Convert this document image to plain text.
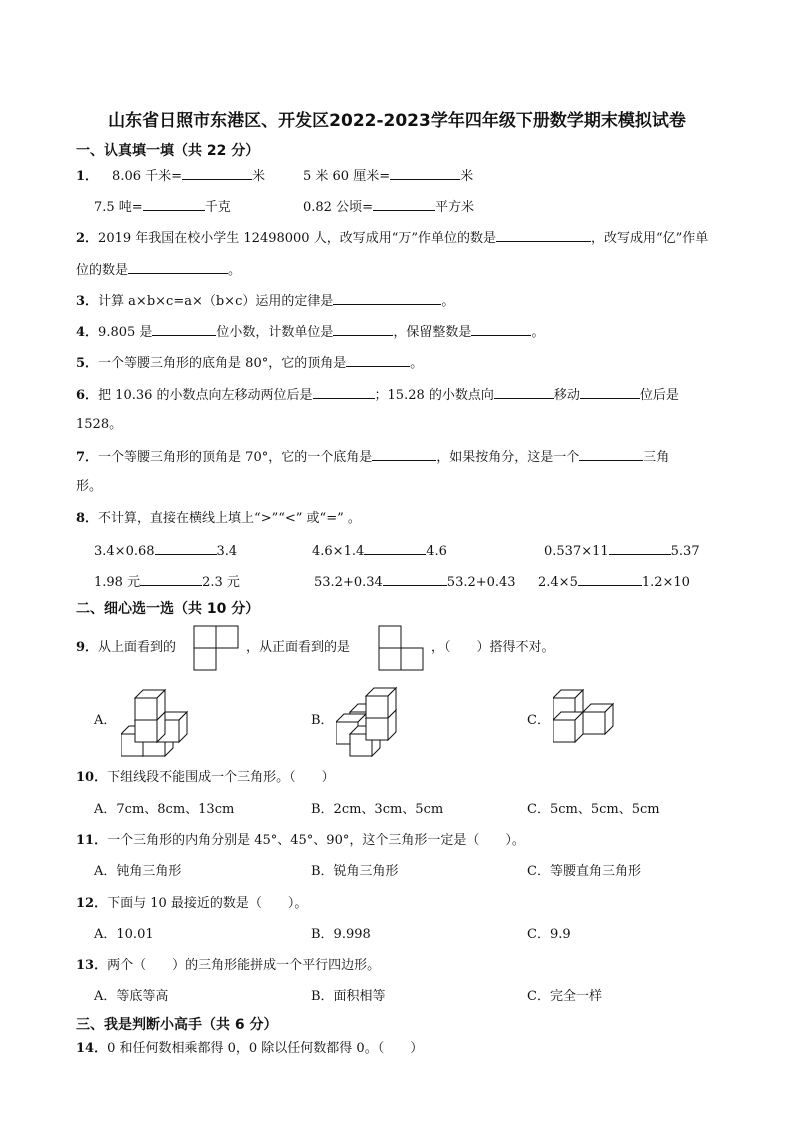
山东省日照市东港区、开发区2022-2023学年四年级下册数学期末模拟试卷
一、认真填一填（共 22 分）
1． 8.06 千米=	米	5 米 60 厘米=	米
7.5 吨=	千克	0.82 公顷=	平方米
2．2019 年我国在校小学生 12498000 人，改写成用“万”作单位的数是	，改写成用“亿”作单
位的数是	。
3．计算 a×b×c=a×（b×c）运用的定律是	。
4．9.805 是	位小数，计数单位是	，保留整数是	。
5．一个等腰三角形的底角是 80°，它的顶角是	。
6．把 10.36 的小数点向左移动两位后是	；15.28 的小数点向	移动	位后是
1528。
7．一个等腰三角形的顶角是 70°，它的一个底角是	，如果按角分，这是一个	三角
形。
8．不计算，直接在横线上填上“>”“<” 或“=” 。
3.4×0.68	3.4	4.6×1.4	4.6	0.537×11	5.37
1.98 元	2.3 元	53.2+0.34	53.2+0.43 2.4×5	1.2×10
二、细心选一选（共 10 分）
9．从上面看到的	，从正面看到的是	，（　　）搭得不对。
A．	B．	C．
10．下组线段不能围成一个三角形。（　　）
A．7cm、8cm、13cm	B．2cm、3cm、5cm	C．5cm、5cm、5cm
11．一个三角形的内角分别是 45°、45°、90°，这个三角形一定是（　　）。
A．钝角三角形	B．锐角三角形	C．等腰直角三角形
12．下面与 10 最接近的数是（　　）。
A．10.01	B．9.998	C．9.9
13．两个（　　）的三角形能拼成一个平行四边形。
A．等底等高	B．面积相等	C．完全一样
三、我是判断小高手（共 6 分）
14．0 和任何数相乘都得 0，0 除以任何数都得 0。（　　）
